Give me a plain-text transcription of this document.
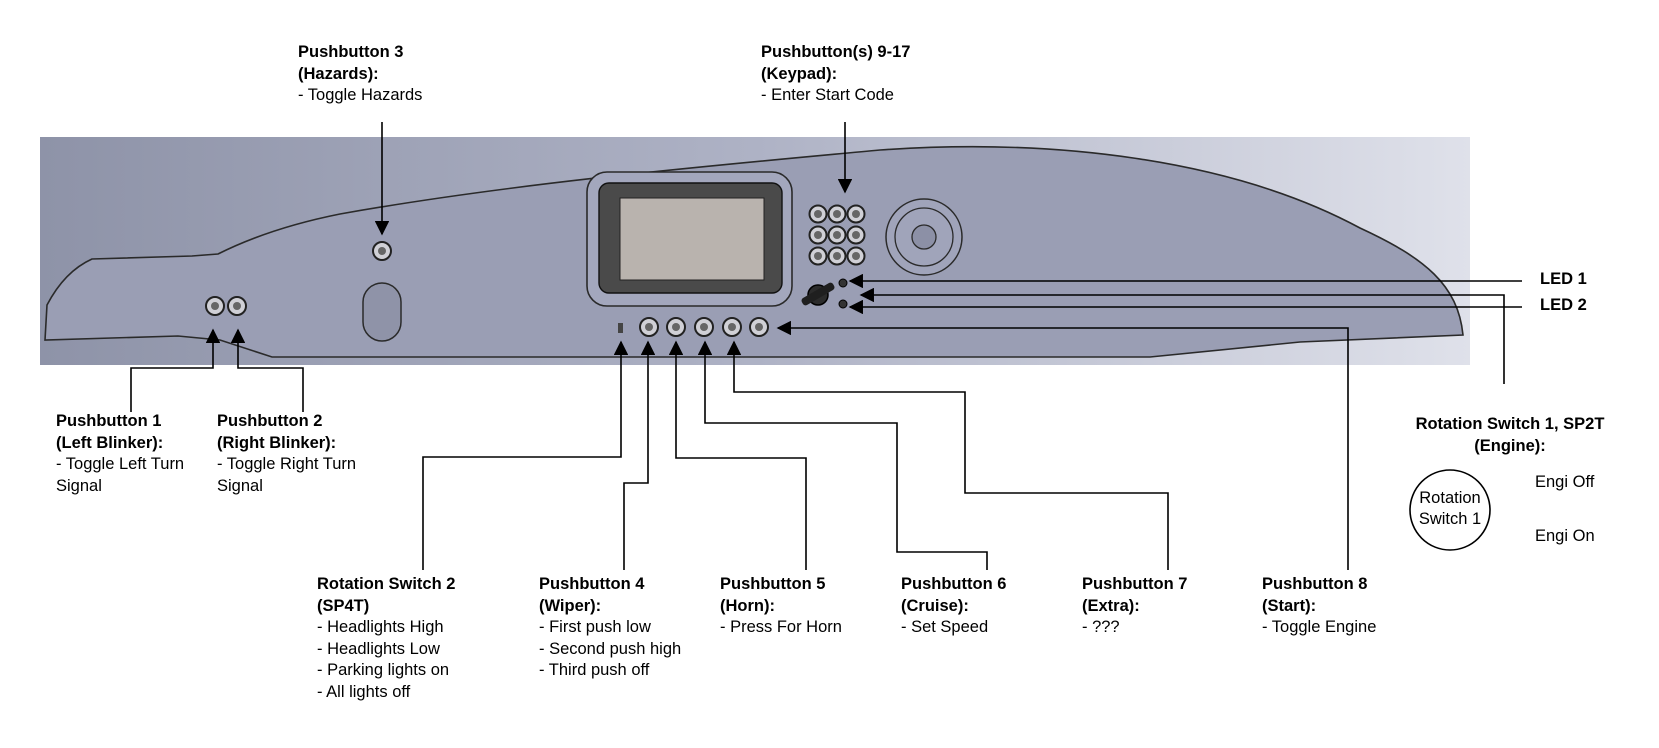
Pushbutton 3
(Hazards):
- Toggle Hazards
Pushbutton(s) 9-17
(Keypad):
- Enter Start Code
Pushbutton 1
(Left Blinker):
- Toggle Left Turn
Signal
Pushbutton 2
(Right Blinker):
- Toggle Right Turn
Signal
Rotation Switch 2
(SP4T)
- Headlights High
- Headlights Low
- Parking lights on
- All lights off
Pushbutton 4
(Wiper):
- First push low
- Second push high
- Third push off
Pushbutton 5
(Horn):
- Press For Horn
Pushbutton 6
(Cruise):
- Set Speed
Pushbutton 7
(Extra):
- ???
Pushbutton 8
(Start):
- Toggle Engine
LED 1
LED 2
Rotation Switch 1, SP2T
(Engine):
Rotation
Switch 1
Engi Off
Engi On
